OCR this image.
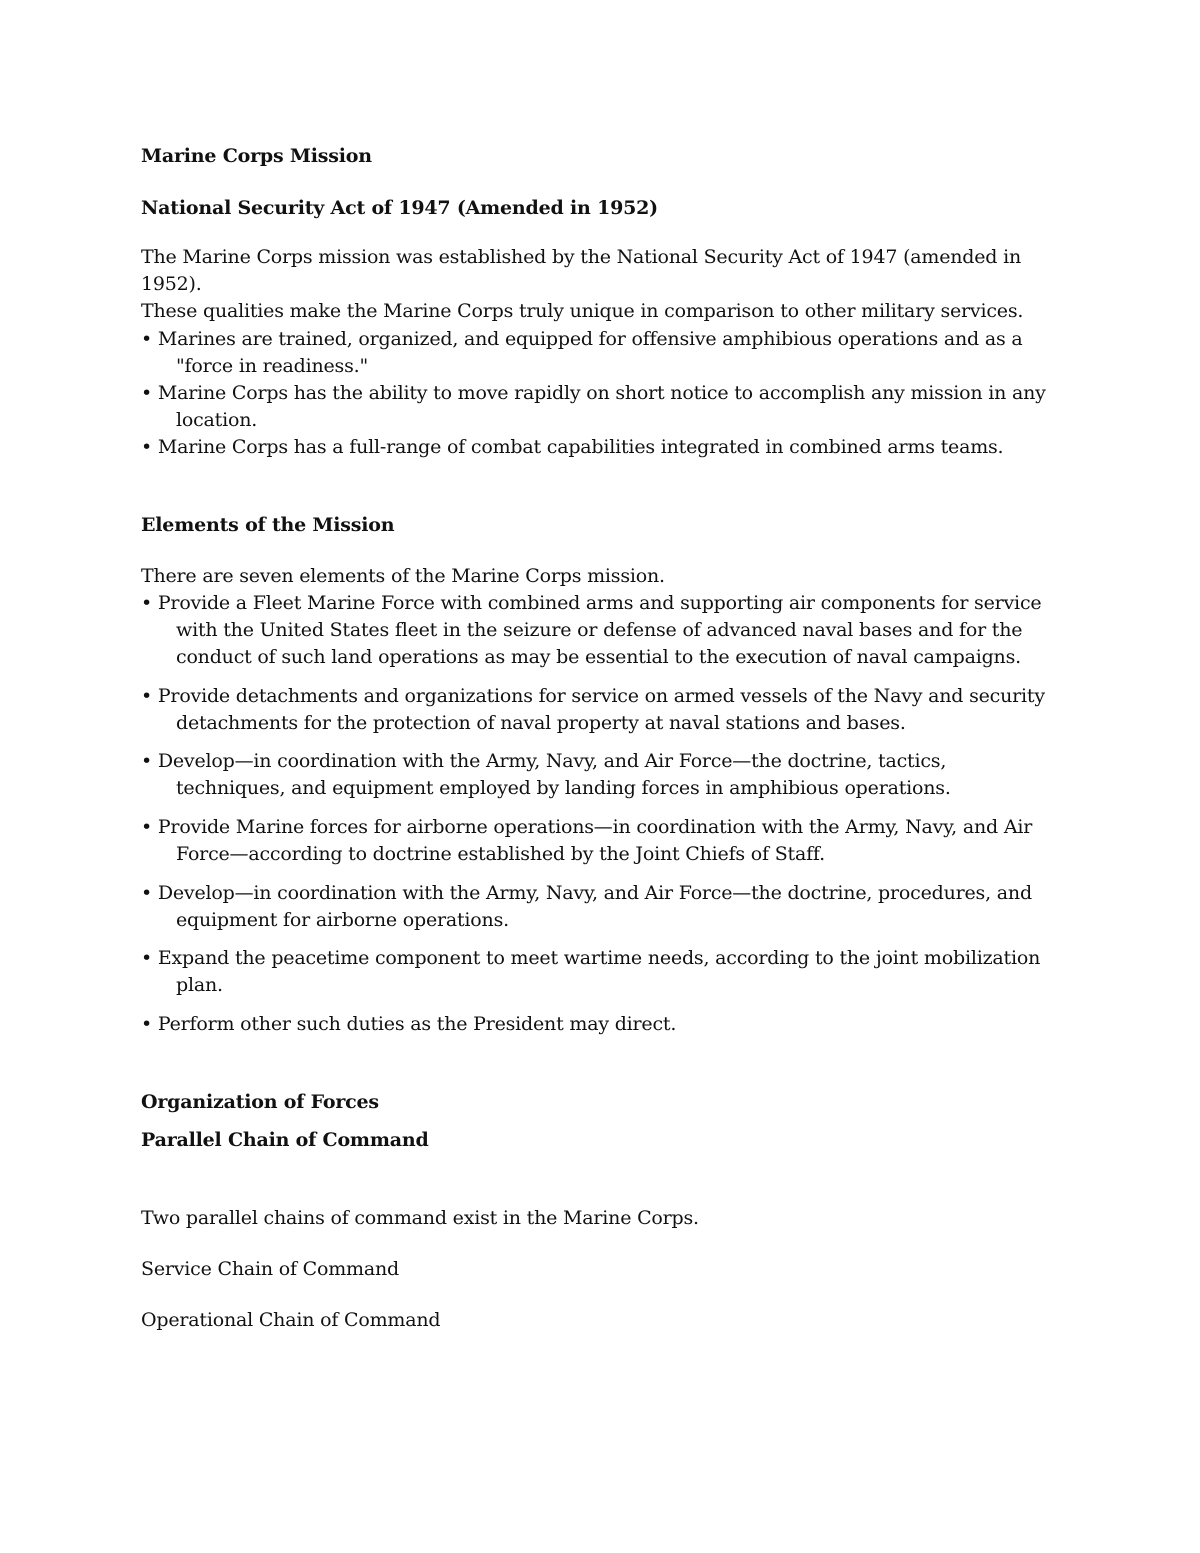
Marine Corps Mission
National Security Act of 1947 (Amended in 1952)
The Marine Corps mission was established by the National Security Act of 1947 (amended in
1952).
These qualities make the Marine Corps truly unique in comparison to other military services.
• Marines are trained, organized, and equipped for offensive amphibious operations and as a
"force in readiness."
• Marine Corps has the ability to move rapidly on short notice to accomplish any mission in any
location.
• Marine Corps has a full-range of combat capabilities integrated in combined arms teams.
Elements of the Mission
There are seven elements of the Marine Corps mission.
• Provide a Fleet Marine Force with combined arms and supporting air components for service
with the United States fleet in the seizure or defense of advanced naval bases and for the
conduct of such land operations as may be essential to the execution of naval campaigns.
• Provide detachments and organizations for service on armed vessels of the Navy and security
detachments for the protection of naval property at naval stations and bases.
• Develop—in coordination with the Army, Navy, and Air Force—the doctrine, tactics,
techniques, and equipment employed by landing forces in amphibious operations.
• Provide Marine forces for airborne operations—in coordination with the Army, Navy, and Air
Force—according to doctrine established by the Joint Chiefs of Staff.
• Develop—in coordination with the Army, Navy, and Air Force—the doctrine, procedures, and
equipment for airborne operations.
• Expand the peacetime component to meet wartime needs, according to the joint mobilization
plan.
• Perform other such duties as the President may direct.
Organization of Forces
Parallel Chain of Command
Two parallel chains of command exist in the Marine Corps.
Service Chain of Command
Operational Chain of Command
